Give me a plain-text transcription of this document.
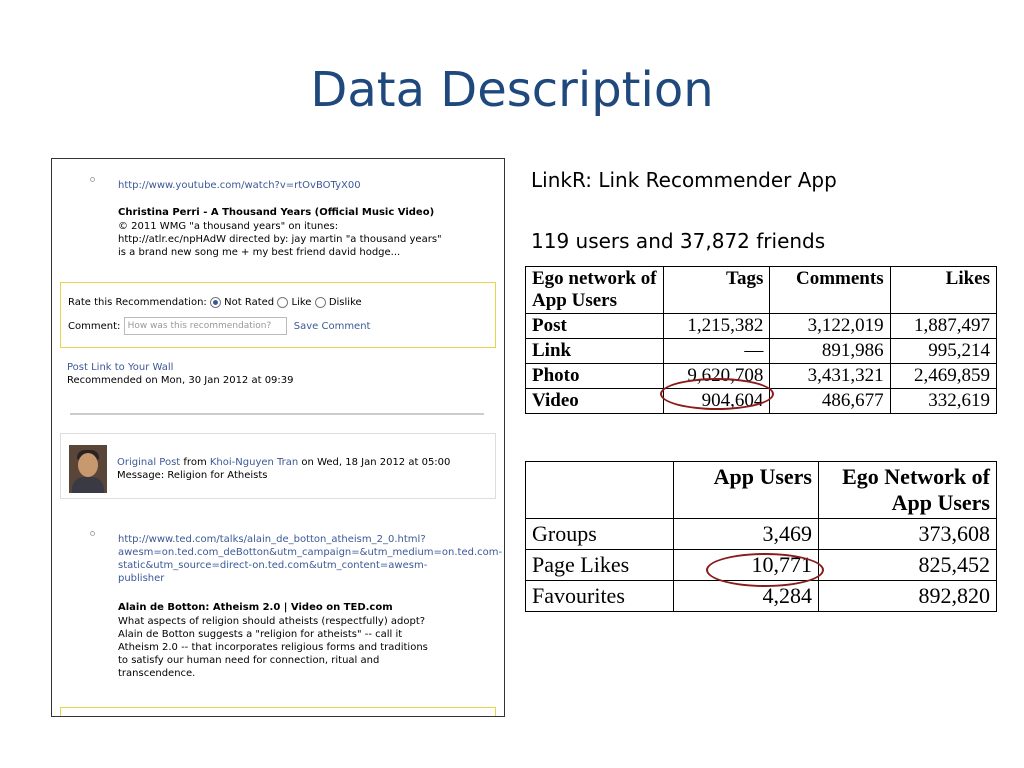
Data Description
http://www.youtube.com/watch?v=rtOvBOTyX00
Christina Perri - A Thousand Years (Official Music Video)
© 2011 WMG "a thousand years" on itunes:
http://atlr.ec/npHAdW directed by: jay martin "a thousand years"
is a brand new song me + my best friend david hodge...
Rate this Recommendation: Not Rated Like Dislike
Comment: How was this recommendation? Save Comment
Post Link to Your Wall
Recommended on Mon, 30 Jan 2012 at 09:39
Original Post from Khoi-Nguyen Tran on Wed, 18 Jan 2012 at 05:00
Message: Religion for Atheists
http://www.ted.com/talks/alain_de_botton_atheism_2_0.html?
awesm=on.ted.com_deBotton&utm_campaign=&utm_medium=on.ted.com-
static&utm_source=direct-on.ted.com&utm_content=awesm-
publisher
Alain de Botton: Atheism 2.0 | Video on TED.com
What aspects of religion should atheists (respectfully) adopt?
Alain de Botton suggests a "religion for atheists" -- call it
Atheism 2.0 -- that incorporates religious forms and traditions
to satisfy our human need for connection, ritual and
transcendence.
LinkR: Link Recommender App
119 users and 37,872 friends
Ego network of App Users	Tags	Comments	Likes
Post	1,215,382	3,122,019	1,887,497
Link	—	891,986	995,214
Photo	9,620,708	3,431,321	2,469,859
Video	904,604	486,677	332,619
	App Users	Ego Network of App Users
Groups	3,469	373,608
Page Likes	10,771	825,452
Favourites	4,284	892,820
